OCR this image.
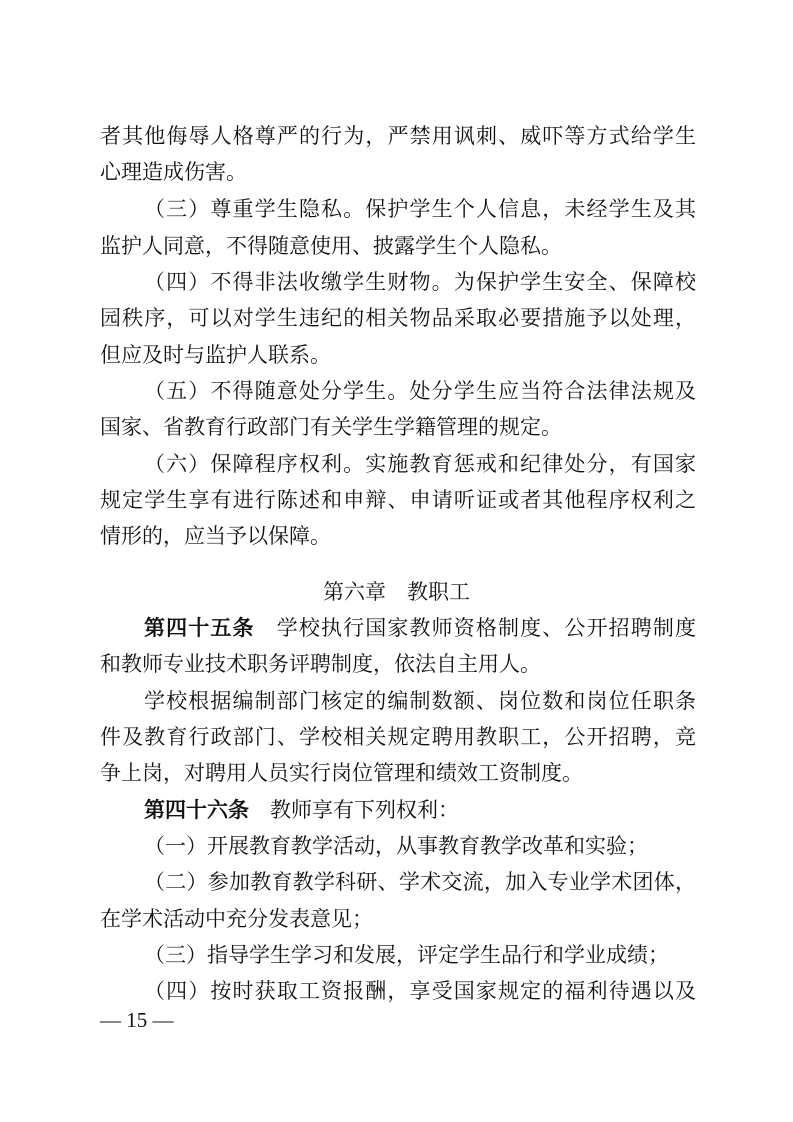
者其他侮辱人格尊严的行为，严禁用讽刺、威吓等方式给学生
心理造成伤害。
（三）尊重学生隐私。保护学生个人信息，未经学生及其
监护人同意，不得随意使用、披露学生个人隐私。
（四）不得非法收缴学生财物。为保护学生安全、保障校
园秩序，可以对学生违纪的相关物品采取必要措施予以处理，
但应及时与监护人联系。
（五）不得随意处分学生。处分学生应当符合法律法规及
国家、省教育行政部门有关学生学籍管理的规定。
（六）保障程序权利。实施教育惩戒和纪律处分，有国家
规定学生享有进行陈述和申辩、申请听证或者其他程序权利之
情形的，应当予以保障。
第六章　教职工
第四十五条　学校执行国家教师资格制度、公开招聘制度
和教师专业技术职务评聘制度，依法自主用人。
学校根据编制部门核定的编制数额、岗位数和岗位任职条
件及教育行政部门、学校相关规定聘用教职工，公开招聘，竞
争上岗，对聘用人员实行岗位管理和绩效工资制度。
第四十六条　教师享有下列权利：
（一）开展教育教学活动，从事教育教学改革和实验；
（二）参加教育教学科研、学术交流，加入专业学术团体，
在学术活动中充分发表意见；
（三）指导学生学习和发展，评定学生品行和学业成绩；
（四）按时获取工资报酬，享受国家规定的福利待遇以及
— 15 —
